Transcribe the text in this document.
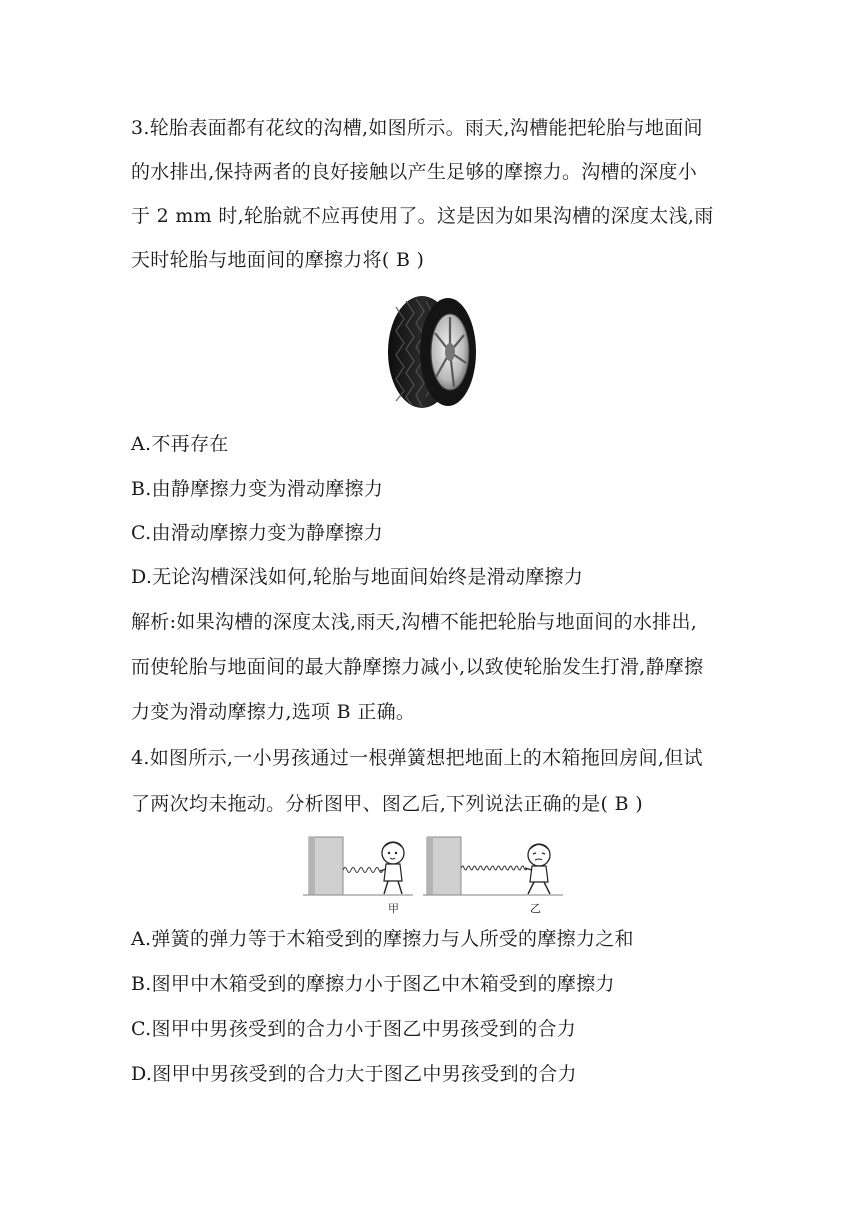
3.轮胎表面都有花纹的沟槽,如图所示。雨天,沟槽能把轮胎与地面间
的水排出,保持两者的良好接触以产生足够的摩擦力。沟槽的深度小
于 2 mm 时,轮胎就不应再使用了。这是因为如果沟槽的深度太浅,雨
天时轮胎与地面间的摩擦力将( B )
A.不再存在
B.由静摩擦力变为滑动摩擦力
C.由滑动摩擦力变为静摩擦力
D.无论沟槽深浅如何,轮胎与地面间始终是滑动摩擦力
解析:如果沟槽的深度太浅,雨天,沟槽不能把轮胎与地面间的水排出,
而使轮胎与地面间的最大静摩擦力减小,以致使轮胎发生打滑,静摩擦
力变为滑动摩擦力,选项 B 正确。
4.如图所示,一小男孩通过一根弹簧想把地面上的木箱拖回房间,但试
了两次均未拖动。分析图甲、图乙后,下列说法正确的是( B )
甲	乙
A.弹簧的弹力等于木箱受到的摩擦力与人所受的摩擦力之和
B.图甲中木箱受到的摩擦力小于图乙中木箱受到的摩擦力
C.图甲中男孩受到的合力小于图乙中男孩受到的合力
D.图甲中男孩受到的合力大于图乙中男孩受到的合力
